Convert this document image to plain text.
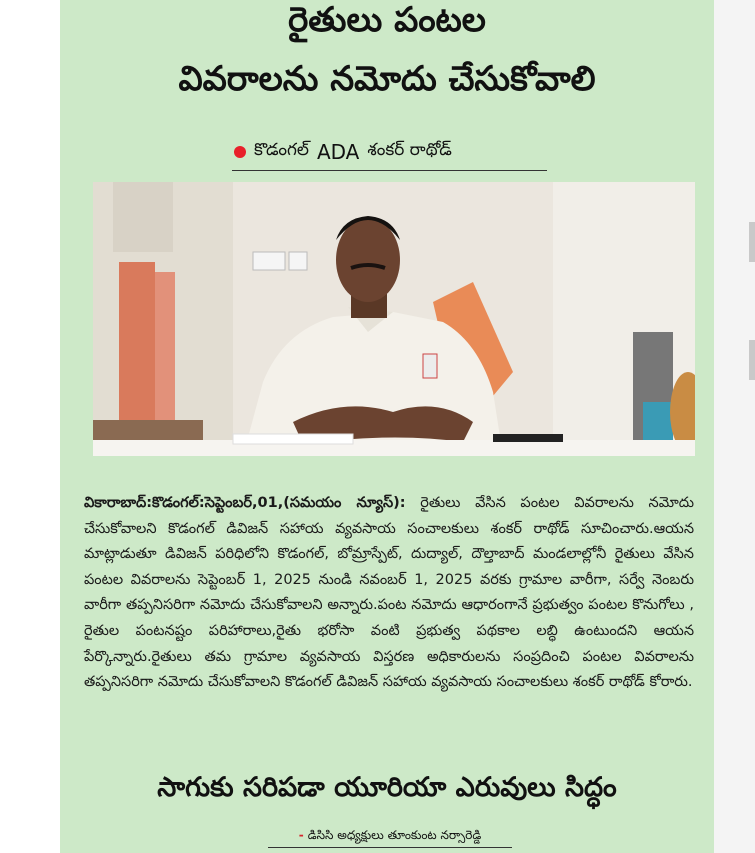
రైతులు పంటల
వివరాలను నమోదు చేసుకోవాలి
కొడంగల్ ADA శంకర్ రాథోడ్

వికారాబాద్:కొడంగల్:సెప్టెంబర్,01,(సమయం న్యూస్): రైతులు వేసిన పంటల వివరాలను నమోదు చేసుకోవాలని కొడంగల్ డివిజన్ సహాయ వ్యవసాయ సంచాలకులు శంకర్ రాథోడ్ సూచించారు.ఆయన మాట్లాడుతూ డివిజన్ పరిధిలోని కొడంగల్, బోమ్రాస్పేట్, దుద్యాల్, దౌల్తాబాద్ మండలాల్లోనీ రైతులు వేసిన పంటల వివరాలను సెప్టెంబర్ 1, 2025 నుండి నవంబర్ 1, 2025 వరకు గ్రామాల వారీగా, సర్వే నెంబరు వారీగా తప్పనిసరిగా నమోదు చేసుకోవాలని అన్నారు.పంట నమోదు ఆధారంగానే ప్రభుత్వం పంటల కొనుగోలు , రైతుల పంటనష్టం పరిహారాలు,రైతు భరోసా వంటి ప్రభుత్వ పథకాల లబ్ధి ఉంటుందని ఆయన పేర్కొన్నారు.రైతులు తమ గ్రామాల వ్యవసాయ విస్తరణ అధికారులను సంప్రదించి పంటల వివరాలను తప్పనిసరిగా నమోదు చేసుకోవాలని కొడంగల్ డివిజన్ సహాయ వ్యవసాయ సంచాలకులు శంకర్ రాథోడ్ కోరారు.

సాగుకు సరిపడా యూరియా ఎరువులు సిద్ధం
- డిసిసి అధ్యక్షులు తూంకుంట నర్సారెడ్డి
